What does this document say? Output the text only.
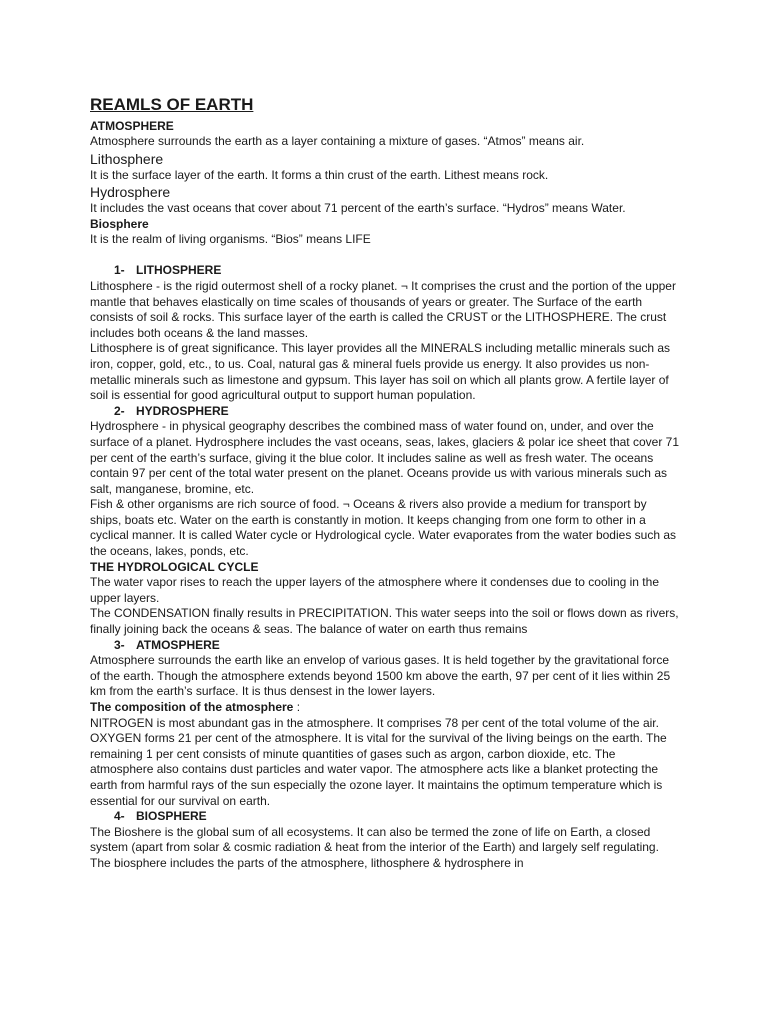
REAMLS OF EARTH
ATMOSPHERE

Atmosphere surrounds the earth as a layer containing a mixture of gases. “Atmos” means air.

Lithosphere

It is the surface layer of the earth. It forms a thin crust of the earth. Lithest means rock.

Hydrosphere

It includes the vast oceans that cover about 71 percent of the earth’s surface. “Hydros” means Water.

Biosphere

It is the realm of living organisms. “Bios” means LIFE

1- LITHOSPHERE

Lithosphere - is the rigid outermost shell of a rocky planet. ¬ It comprises the crust and the portion of the upper mantle that behaves elastically on time scales of thousands of years or greater. The Surface of the earth consists of soil & rocks. This surface layer of the earth is called the CRUST or the LITHOSPHERE. The crust includes both oceans & the land masses.

Lithosphere is of great significance. This layer provides all the MINERALS including metallic minerals such as iron, copper, gold, etc., to us. Coal, natural gas & mineral fuels provide us energy. It also provides us non-metallic minerals such as limestone and gypsum. This layer has soil on which all plants grow. A fertile layer of soil is essential for good agricultural output to support human population.

2- HYDROSPHERE

Hydrosphere - in physical geography describes the combined mass of water found on, under, and over the surface of a planet. Hydrosphere includes the vast oceans, seas, lakes, glaciers & polar ice sheet that cover 71 per cent of the earth’s surface, giving it the blue color. It includes saline as well as fresh water. The oceans contain 97 per cent of the total water present on the planet. Oceans provide us with various minerals such as salt, manganese, bromine, etc.

Fish & other organisms are rich source of food. ¬ Oceans & rivers also provide a medium for transport by ships, boats etc. Water on the earth is constantly in motion. It keeps changing from one form to other in a cyclical manner. It is called Water cycle or Hydrological cycle. Water evaporates from the water bodies such as the oceans, lakes, ponds, etc.

THE HYDROLOGICAL CYCLE

The water vapor rises to reach the upper layers of the atmosphere where it condenses due to cooling in the upper layers.

The CONDENSATION finally results in PRECIPITATION. This water seeps into the soil or flows down as rivers, finally joining back the oceans & seas. The balance of water on earth thus remains

3- ATMOSPHERE

Atmosphere surrounds the earth like an envelop of various gases. It is held together by the gravitational force of the earth. Though the atmosphere extends beyond 1500 km above the earth, 97 per cent of it lies within 25 km from the earth’s surface. It is thus densest in the lower layers.

The composition of the atmosphere :

NITROGEN is most abundant gas in the atmosphere. It comprises 78 per cent of the total volume of the air. OXYGEN forms 21 per cent of the atmosphere. It is vital for the survival of the living beings on the earth. The remaining 1 per cent consists of minute quantities of gases such as argon, carbon dioxide, etc. The atmosphere also contains dust particles and water vapor. The atmosphere acts like a blanket protecting the earth from harmful rays of the sun especially the ozone layer. It maintains the optimum temperature which is essential for our survival on earth.

4- BIOSPHERE

The Bioshere is the global sum of all ecosystems. It can also be termed the zone of life on Earth, a closed system (apart from solar & cosmic radiation & heat from the interior of the Earth) and largely self regulating. The biosphere includes the parts of the atmosphere, lithosphere & hydrosphere in
